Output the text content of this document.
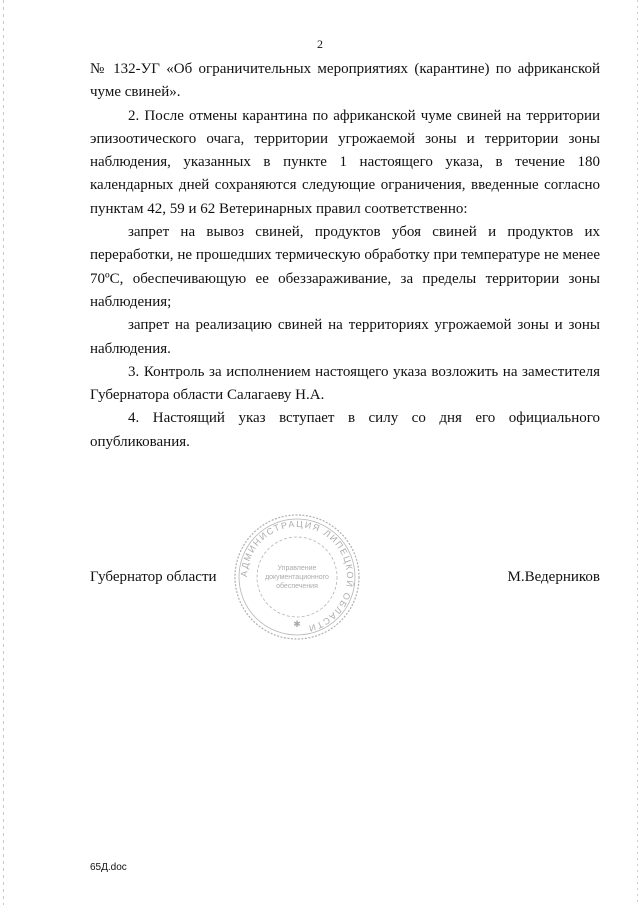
2

№ 132-УГ «Об ограничительных мероприятиях (карантине) по африканской чуме свиней».

2. После отмены карантина по африканской чуме свиней на территории эпизоотического очага, территории угрожаемой зоны и территории зоны наблюдения, указанных в пункте 1 настоящего указа, в течение 180 календарных дней сохраняются следующие ограничения, введенные согласно пунктам 42, 59 и 62 Ветеринарных правил соответственно:

запрет на вывоз свиней, продуктов убоя свиней и продуктов их переработки, не прошедших термическую обработку при температуре не менее 70ºС, обеспечивающую ее обеззараживание, за пределы территории зоны наблюдения;

запрет на реализацию свиней на территориях угрожаемой зоны и зоны наблюдения.

3. Контроль за исполнением настоящего указа возложить на заместителя Губернатора области Салагаеву Н.А.

4. Настоящий указ вступает в силу со дня его официального опубликования.

АДМИНИСТРАЦИЯ ЛИПЕЦКОЙ ОБЛАСТИ
Управление
документационного
обеспечения
✱
Губернатор области	М.Ведерников
65Д.doc
